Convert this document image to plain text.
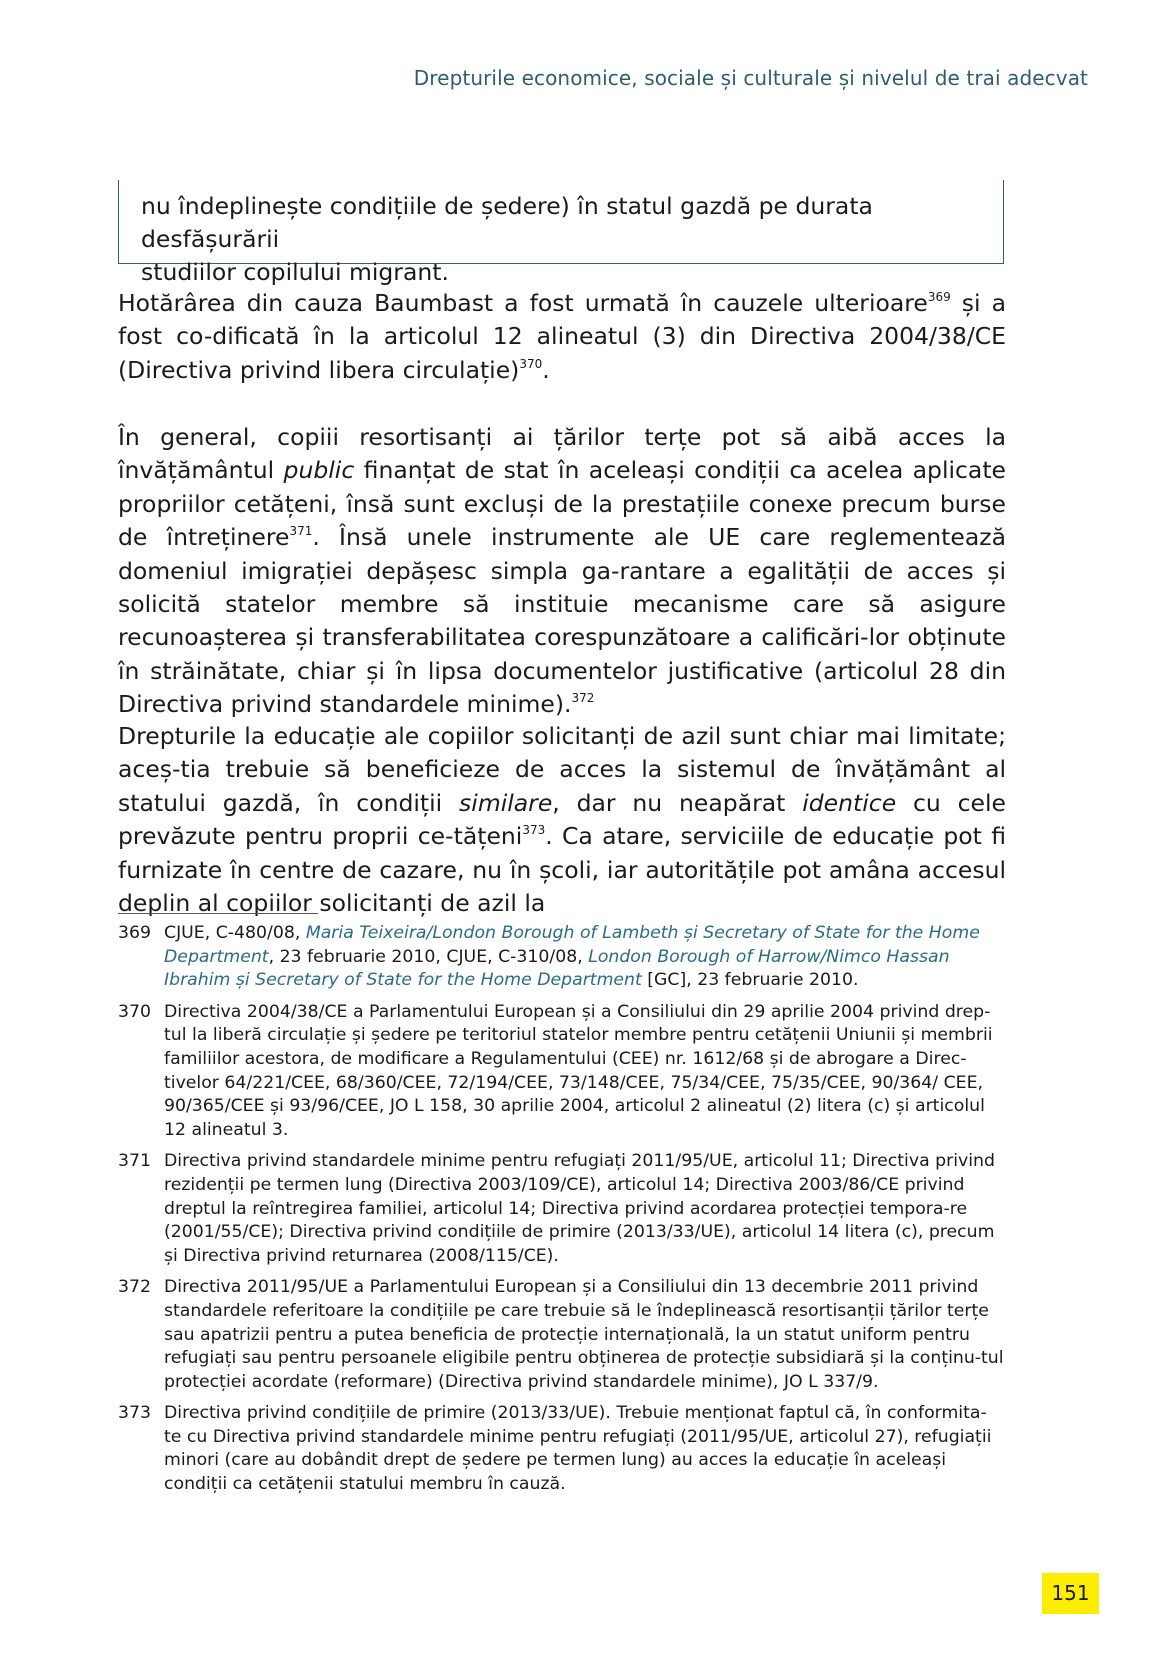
Drepturile economice, sociale și culturale și nivelul de trai adecvat
nu îndeplinește condițiile de ședere) în statul gazdă pe durata desfășurării
studiilor copilului migrant.

Hotărârea din cauza Baumbast a fost urmată în cauzele ulterioare$^{369}$ și a fost co-dificată în la articolul 12 alineatul (3) din Directiva 2004/38/CE (Directiva privind libera circulație)$^{370}$.

În general, copiii resortisanți ai țărilor terțe pot să aibă acces la învățământul public finanțat de stat în aceleași condiții ca acelea aplicate propriilor cetățeni, însă sunt excluși de la prestațiile conexe precum burse de întreținere$^{371}$. Însă unele instrumente ale UE care reglementează domeniul imigrației depășesc simpla ga-rantare a egalității de acces și solicită statelor membre să instituie mecanisme care să asigure recunoașterea și transferabilitatea corespunzătoare a calificări-lor obținute în străinătate, chiar și în lipsa documentelor justificative (articolul 28 din Directiva privind standardele minime).$^{372}$

Drepturile la educație ale copiilor solicitanți de azil sunt chiar mai limitate; aceș-tia trebuie să beneficieze de acces la sistemul de învățământ al statului gazdă, în condiții similare, dar nu neapărat identice cu cele prevăzute pentru proprii ce-tățeni$^{373}$. Ca atare, serviciile de educație pot fi furnizate în centre de cazare, nu în școli, iar autoritățile pot amâna accesul deplin al copiilor solicitanți de azil la

369 CJUE, C-480/08, Maria Teixeira/London Borough of Lambeth și Secretary of State for the Home Department, 23 februarie 2010, CJUE, C-310/08, London Borough of Harrow/Nimco Hassan Ibrahim și Secretary of State for the Home Department [GC], 23 februarie 2010.
370 Directiva 2004/38/CE a Parlamentului European și a Consiliului din 29 aprilie 2004 privind drep-tul la liberă circulație și ședere pe teritoriul statelor membre pentru cetățenii Uniunii și membrii familiilor acestora, de modificare a Regulamentului (CEE) nr. 1612/68 și de abrogare a Direc-tivelor 64/221/CEE, 68/360/CEE, 72/194/CEE, 73/148/CEE, 75/34/CEE, 75/35/CEE, 90/364/ CEE, 90/365/CEE și 93/96/CEE, JO L 158, 30 aprilie 2004, articolul 2 alineatul (2) litera (c) și articolul 12 alineatul 3.
371 Directiva privind standardele minime pentru refugiați 2011/95/UE, articolul 11; Directiva privind rezidenții pe termen lung (Directiva 2003/109/CE), articolul 14; Directiva 2003/86/CE privind dreptul la reîntregirea familiei, articolul 14; Directiva privind acordarea protecției tempora-re (2001/55/CE); Directiva privind condițiile de primire (2013/33/UE), articolul 14 litera (c), precum și Directiva privind returnarea (2008/115/CE).
372 Directiva 2011/95/UE a Parlamentului European și a Consiliului din 13 decembrie 2011 privind standardele referitoare la condițiile pe care trebuie să le îndeplinească resortisanții țărilor terțe sau apatrizii pentru a putea beneficia de protecție internațională, la un statut uniform pentru refugiați sau pentru persoanele eligibile pentru obținerea de protecție subsidiară și la conținu-tul protecției acordate (reformare) (Directiva privind standardele minime), JO L 337/9.
373 Directiva privind condițiile de primire (2013/33/UE). Trebuie menționat faptul că, în conformita-te cu Directiva privind standardele minime pentru refugiați (2011/95/UE, articolul 27), refugiații minori (care au dobândit drept de ședere pe termen lung) au acces la educație în aceleași condiții ca cetățenii statului membru în cauză.
151
